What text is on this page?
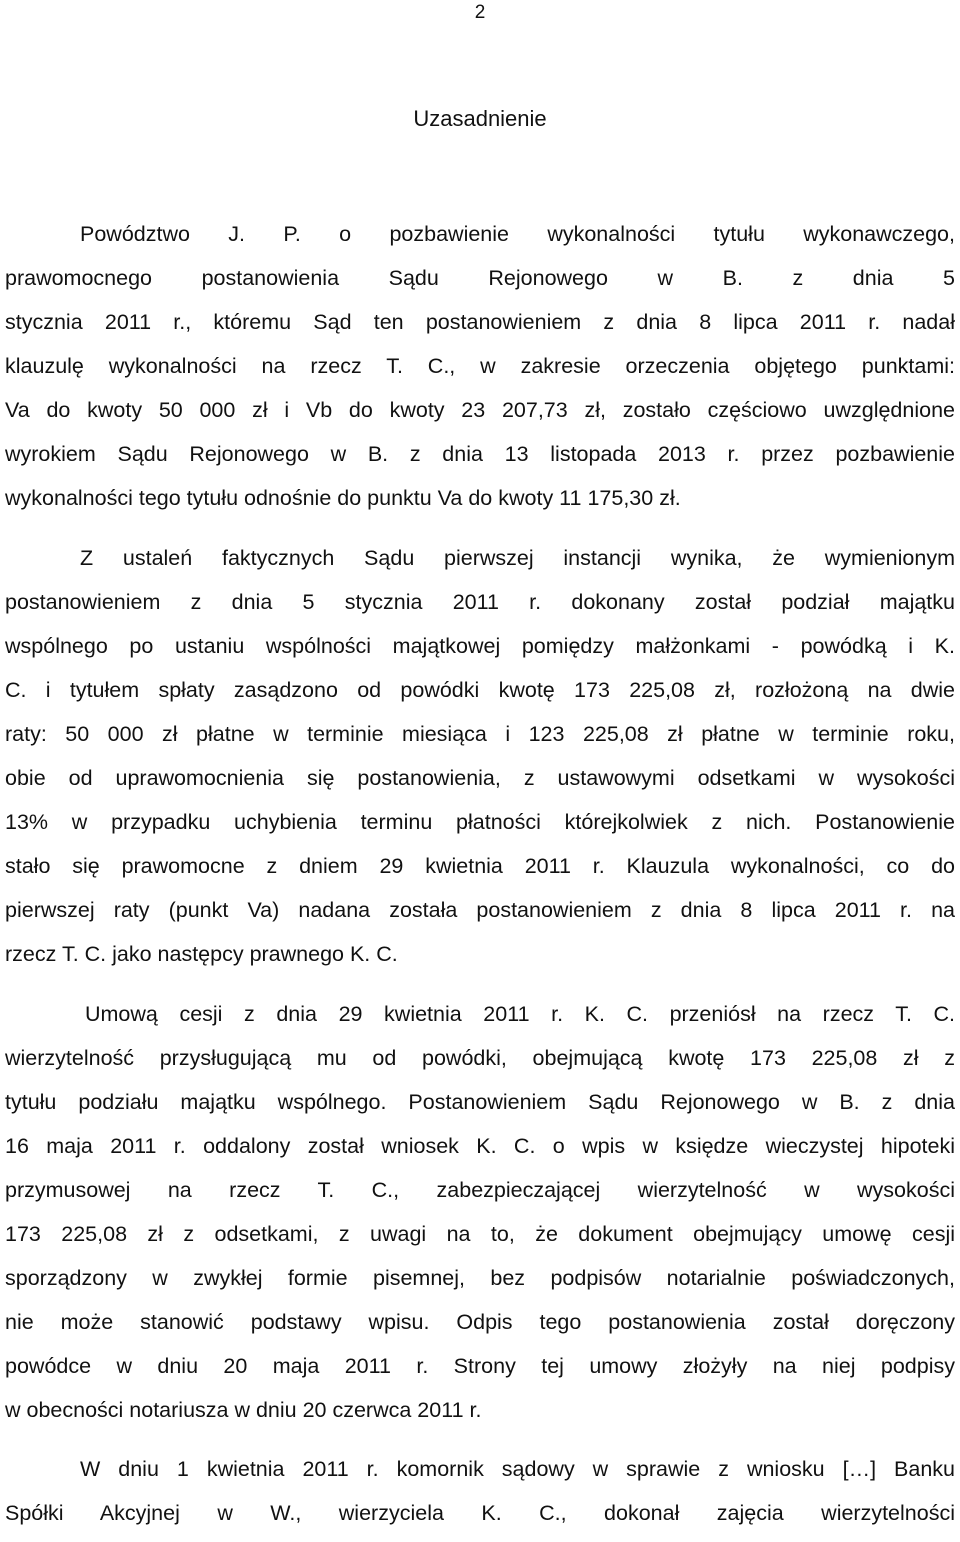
2
Uzasadnienie
Powództwo J. P. o pozbawienie wykonalności tytułu wykonawczego,
prawomocnego postanowienia Sądu Rejonowego w B. z dnia 5
stycznia 2011 r., któremu Sąd ten postanowieniem z dnia 8 lipca 2011 r. nadał
klauzulę wykonalności na rzecz T. C., w zakresie orzeczenia objętego punktami:
Va do kwoty 50 000 zł i Vb do kwoty 23 207,73 zł, zostało częściowo uwzględnione
wyrokiem Sądu Rejonowego w B. z dnia 13 listopada 2013 r. przez pozbawienie
wykonalności tego tytułu odnośnie do punktu Va do kwoty 11 175,30 zł.
Z ustaleń faktycznych Sądu pierwszej instancji wynika, że wymienionym
postanowieniem z dnia 5 stycznia 2011 r. dokonany został podział majątku
wspólnego po ustaniu wspólności majątkowej pomiędzy małżonkami - powódką i K.
C. i tytułem spłaty zasądzono od powódki kwotę 173 225,08 zł, rozłożoną na dwie
raty: 50 000 zł płatne w terminie miesiąca i 123 225,08 zł płatne w terminie roku,
obie od uprawomocnienia się postanowienia, z ustawowymi odsetkami w wysokości
13% w przypadku uchybienia terminu płatności którejkolwiek z nich. Postanowienie
stało się prawomocne z dniem 29 kwietnia 2011 r. Klauzula wykonalności, co do
pierwszej raty (punkt Va) nadana została postanowieniem z dnia 8 lipca 2011 r. na
rzecz T. C. jako następcy prawnego K. C.
Umową cesji z dnia 29 kwietnia 2011 r. K. C. przeniósł na rzecz T. C.
wierzytelność przysługującą mu od powódki, obejmującą kwotę 173 225,08 zł z
tytułu podziału majątku wspólnego. Postanowieniem Sądu Rejonowego w B. z dnia
16 maja 2011 r. oddalony został wniosek K. C. o wpis w księdze wieczystej hipoteki
przymusowej na rzecz T. C., zabezpieczającej wierzytelność w wysokości
173 225,08 zł z odsetkami, z uwagi na to, że dokument obejmujący umowę cesji
sporządzony w zwykłej formie pisemnej, bez podpisów notarialnie poświadczonych,
nie może stanowić podstawy wpisu. Odpis tego postanowienia został doręczony
powódce w dniu 20 maja 2011 r. Strony tej umowy złożyły na niej podpisy
w obecności notariusza w dniu 20 czerwca 2011 r.
W dniu 1 kwietnia 2011 r. komornik sądowy w sprawie z wniosku […] Banku
Spółki Akcyjnej w W., wierzyciela K. C., dokonał zajęcia wierzytelności
